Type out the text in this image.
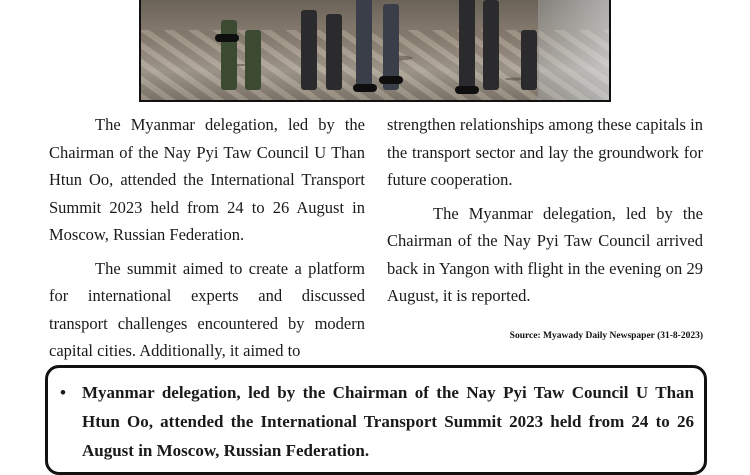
The Myanmar delegation, led by the Chairman of the Nay Pyi Taw Council U Than Htun Oo, attended the International Transport Summit 2023 held from 24 to 26 August in Moscow, Russian Federation.

The summit aimed to create a platform for international experts and discussed transport challenges encountered by modern capital cities. Additionally, it aimed to

strengthen relationships among these capitals in the transport sector and lay the groundwork for future cooperation.

The Myanmar delegation, led by the Chairman of the Nay Pyi Taw Council arrived back in Yangon with flight in the evening on 29 August, it is reported.

Source: Myawady Daily Newspaper (31-8-2023)
• Myanmar delegation, led by the Chairman of the Nay Pyi Taw Council U Than Htun Oo, attended the International Transport Summit 2023 held from 24 to 26 August in Moscow, Russian Federation.
